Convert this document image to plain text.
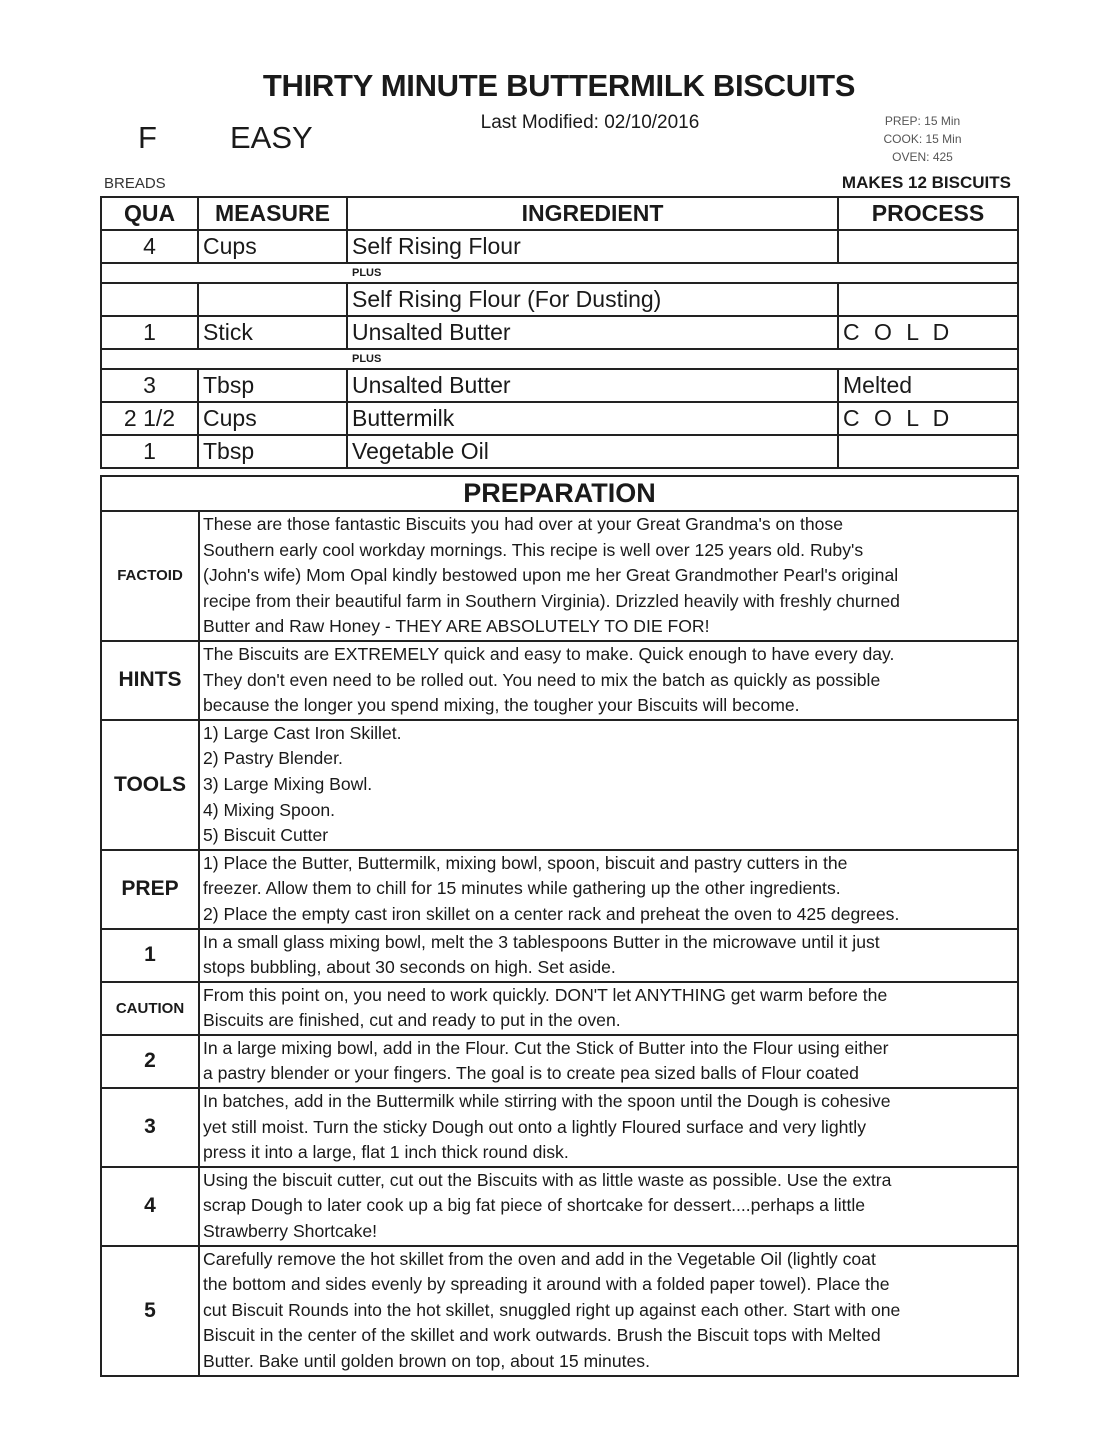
THIRTY MINUTE BUTTERMILK BISCUITS
F EASY	Last Modified: 02/10/2016	PREP: 15 Min
COOK: 15 Min
OVEN: 425
BREADS	MAKES 12 BISCUITS
QUA	MEASURE	INGREDIENT	PROCESS
4	Cups	Self Rising Flour	
PLUS			
		Self Rising Flour (For Dusting)	
1	Stick	Unsalted Butter	C O L D
PLUS			
3	Tbsp	Unsalted Butter	Melted
2 1/2	Cups	Buttermilk	C O L D
1	Tbsp	Vegetable Oil	
PREPARATION	
FACTOID	These are those fantastic Biscuits you had over at your Great Grandma's on those
Southern early cool workday mornings. This recipe is well over 125 years old. Ruby's
(John's wife) Mom Opal kindly bestowed upon me her Great Grandmother Pearl's original
recipe from their beautiful farm in Southern Virginia). Drizzled heavily with freshly churned
Butter and Raw Honey - THEY ARE ABSOLUTELY TO DIE FOR!

HINTS	The Biscuits are EXTREMELY quick and easy to make. Quick enough to have every day.
They don't even need to be rolled out. You need to mix the batch as quickly as possible
because the longer you spend mixing, the tougher your Biscuits will become.

TOOLS	1) Large Cast Iron Skillet.
2) Pastry Blender.
3) Large Mixing Bowl.
4) Mixing Spoon.
5) Biscuit Cutter

PREP	1) Place the Butter, Buttermilk, mixing bowl, spoon, biscuit and pastry cutters in the
freezer. Allow them to chill for 15 minutes while gathering up the other ingredients.
2) Place the empty cast iron skillet on a center rack and preheat the oven to 425 degrees.

1	In a small glass mixing bowl, melt the 3 tablespoons Butter in the microwave until it just
stops bubbling, about 30 seconds on high. Set aside.

CAUTION	From this point on, you need to work quickly. DON'T let ANYTHING get warm before the
Biscuits are finished, cut and ready to put in the oven.

2	In a large mixing bowl, add in the Flour. Cut the Stick of Butter into the Flour using either
a pastry blender or your fingers. The goal is to create pea sized balls of Flour coated

3	In batches, add in the Buttermilk while stirring with the spoon until the Dough is cohesive
yet still moist. Turn the sticky Dough out onto a lightly Floured surface and very lightly
press it into a large, flat 1 inch thick round disk.

4	Using the biscuit cutter, cut out the Biscuits with as little waste as possible. Use the extra
scrap Dough to later cook up a big fat piece of shortcake for dessert....perhaps a little
Strawberry Shortcake!

5	Carefully remove the hot skillet from the oven and add in the Vegetable Oil (lightly coat
the bottom and sides evenly by spreading it around with a folded paper towel). Place the
cut Biscuit Rounds into the hot skillet, snuggled right up against each other. Start with one
Biscuit in the center of the skillet and work outwards. Brush the Biscuit tops with Melted
Butter. Bake until golden brown on top, about 15 minutes.
